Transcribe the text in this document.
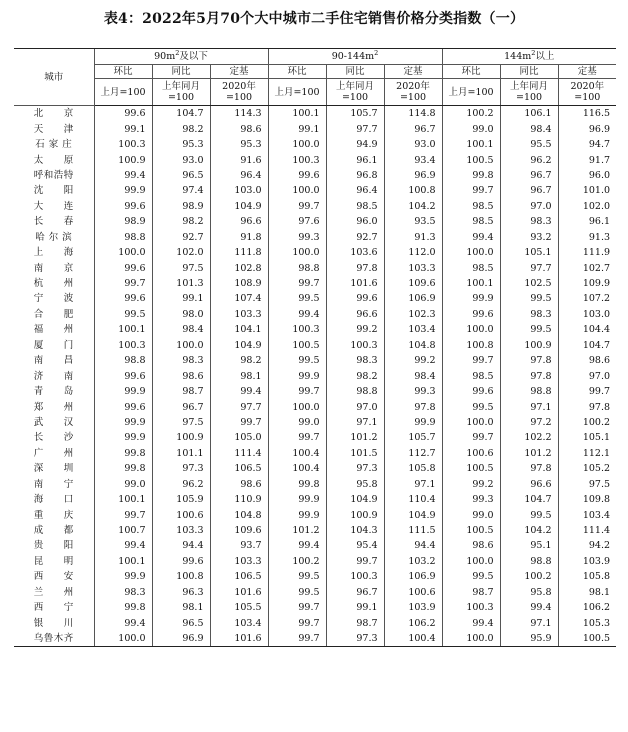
表4：2022年5月70个大中城市二手住宅销售价格分类指数（一）
城市	$90m^2$及以下			$90-144m^2$			$144m^2$以上		
	环比	同比	定基	环比	同比	定基	环比	同比	定基
	上月=100	上年同月=100	2020年=100	上月=100	上年同月=100	2020年=100	上月=100	上年同月=100	2020年=100
北　　京	99.6	104.7	114.3	100.1	105.7	114.8	100.2	106.1	116.5
天　　津	99.1	98.2	98.6	99.1	97.7	96.7	99.0	98.4	96.9
石 家 庄	100.3	95.3	95.3	100.0	94.9	93.0	100.1	95.5	94.7
太　　原	100.9	93.0	91.6	100.3	96.1	93.4	100.5	96.2	91.7
呼和浩特	99.4	96.5	96.4	99.6	96.8	96.9	99.8	96.7	96.0
沈　　阳	99.9	97.4	103.0	100.0	96.4	100.8	99.7	96.7	101.0
大　　连	99.6	98.9	104.9	99.7	98.5	104.2	98.5	97.0	102.0
长　　春	98.9	98.2	96.6	97.6	96.0	93.5	98.5	98.3	96.1
哈 尔 滨	98.8	92.7	91.8	99.3	92.7	91.3	99.4	93.2	91.3
上　　海	100.0	102.0	111.8	100.0	103.6	112.0	100.0	105.1	111.9
南　　京	99.6	97.5	102.8	98.8	97.8	103.3	98.5	97.7	102.7
杭　　州	99.7	101.3	108.9	99.7	101.6	109.6	100.1	102.5	109.9
宁　　波	99.6	99.1	107.4	99.5	99.6	106.9	99.9	99.5	107.2
合　　肥	99.5	98.0	103.3	99.4	96.6	102.3	99.6	98.3	103.0
福　　州	100.1	98.4	104.1	100.3	99.2	103.4	100.0	99.5	104.4
厦　　门	100.3	100.0	104.9	100.5	100.3	104.8	100.8	100.9	104.7
南　　昌	98.8	98.3	98.2	99.5	98.3	99.2	99.7	97.8	98.6
济　　南	99.6	98.6	98.1	99.9	98.2	98.4	98.5	97.8	97.0
青　　岛	99.9	98.7	99.4	99.7	98.8	99.3	99.6	98.8	99.7
郑　　州	99.6	96.7	97.7	100.0	97.0	97.8	99.5	97.1	97.8
武　　汉	99.9	97.5	99.7	99.0	97.1	99.9	100.0	97.2	100.2
长　　沙	99.9	100.9	105.0	99.7	101.2	105.7	99.7	102.2	105.1
广　　州	99.8	101.1	111.4	100.4	101.5	112.7	100.6	101.2	112.1
深　　圳	99.8	97.3	106.5	100.4	97.3	105.8	100.5	97.8	105.2
南　　宁	99.0	96.2	98.6	99.8	95.8	97.1	99.2	96.6	97.5
海　　口	100.1	105.9	110.9	99.9	104.9	110.4	99.3	104.7	109.8
重　　庆	99.7	100.6	104.8	99.9	100.9	104.9	99.0	99.5	103.4
成　　都	100.7	103.3	109.6	101.2	104.3	111.5	100.5	104.2	111.4
贵　　阳	99.4	94.4	93.7	99.4	95.4	94.4	98.6	95.1	94.2
昆　　明	100.1	99.6	103.3	100.2	99.7	103.2	100.0	98.8	103.9
西　　安	99.9	100.8	106.5	99.5	100.3	106.9	99.5	100.2	105.8
兰　　州	98.3	96.3	101.6	99.5	96.7	100.6	98.7	95.8	98.1
西　　宁	99.8	98.1	105.5	99.7	99.1	103.9	100.3	99.4	106.2
银　　川	99.4	96.5	103.4	99.7	98.7	106.2	99.4	97.1	105.3
乌鲁木齐	100.0	96.9	101.6	99.7	97.3	100.4	100.0	95.9	100.5
